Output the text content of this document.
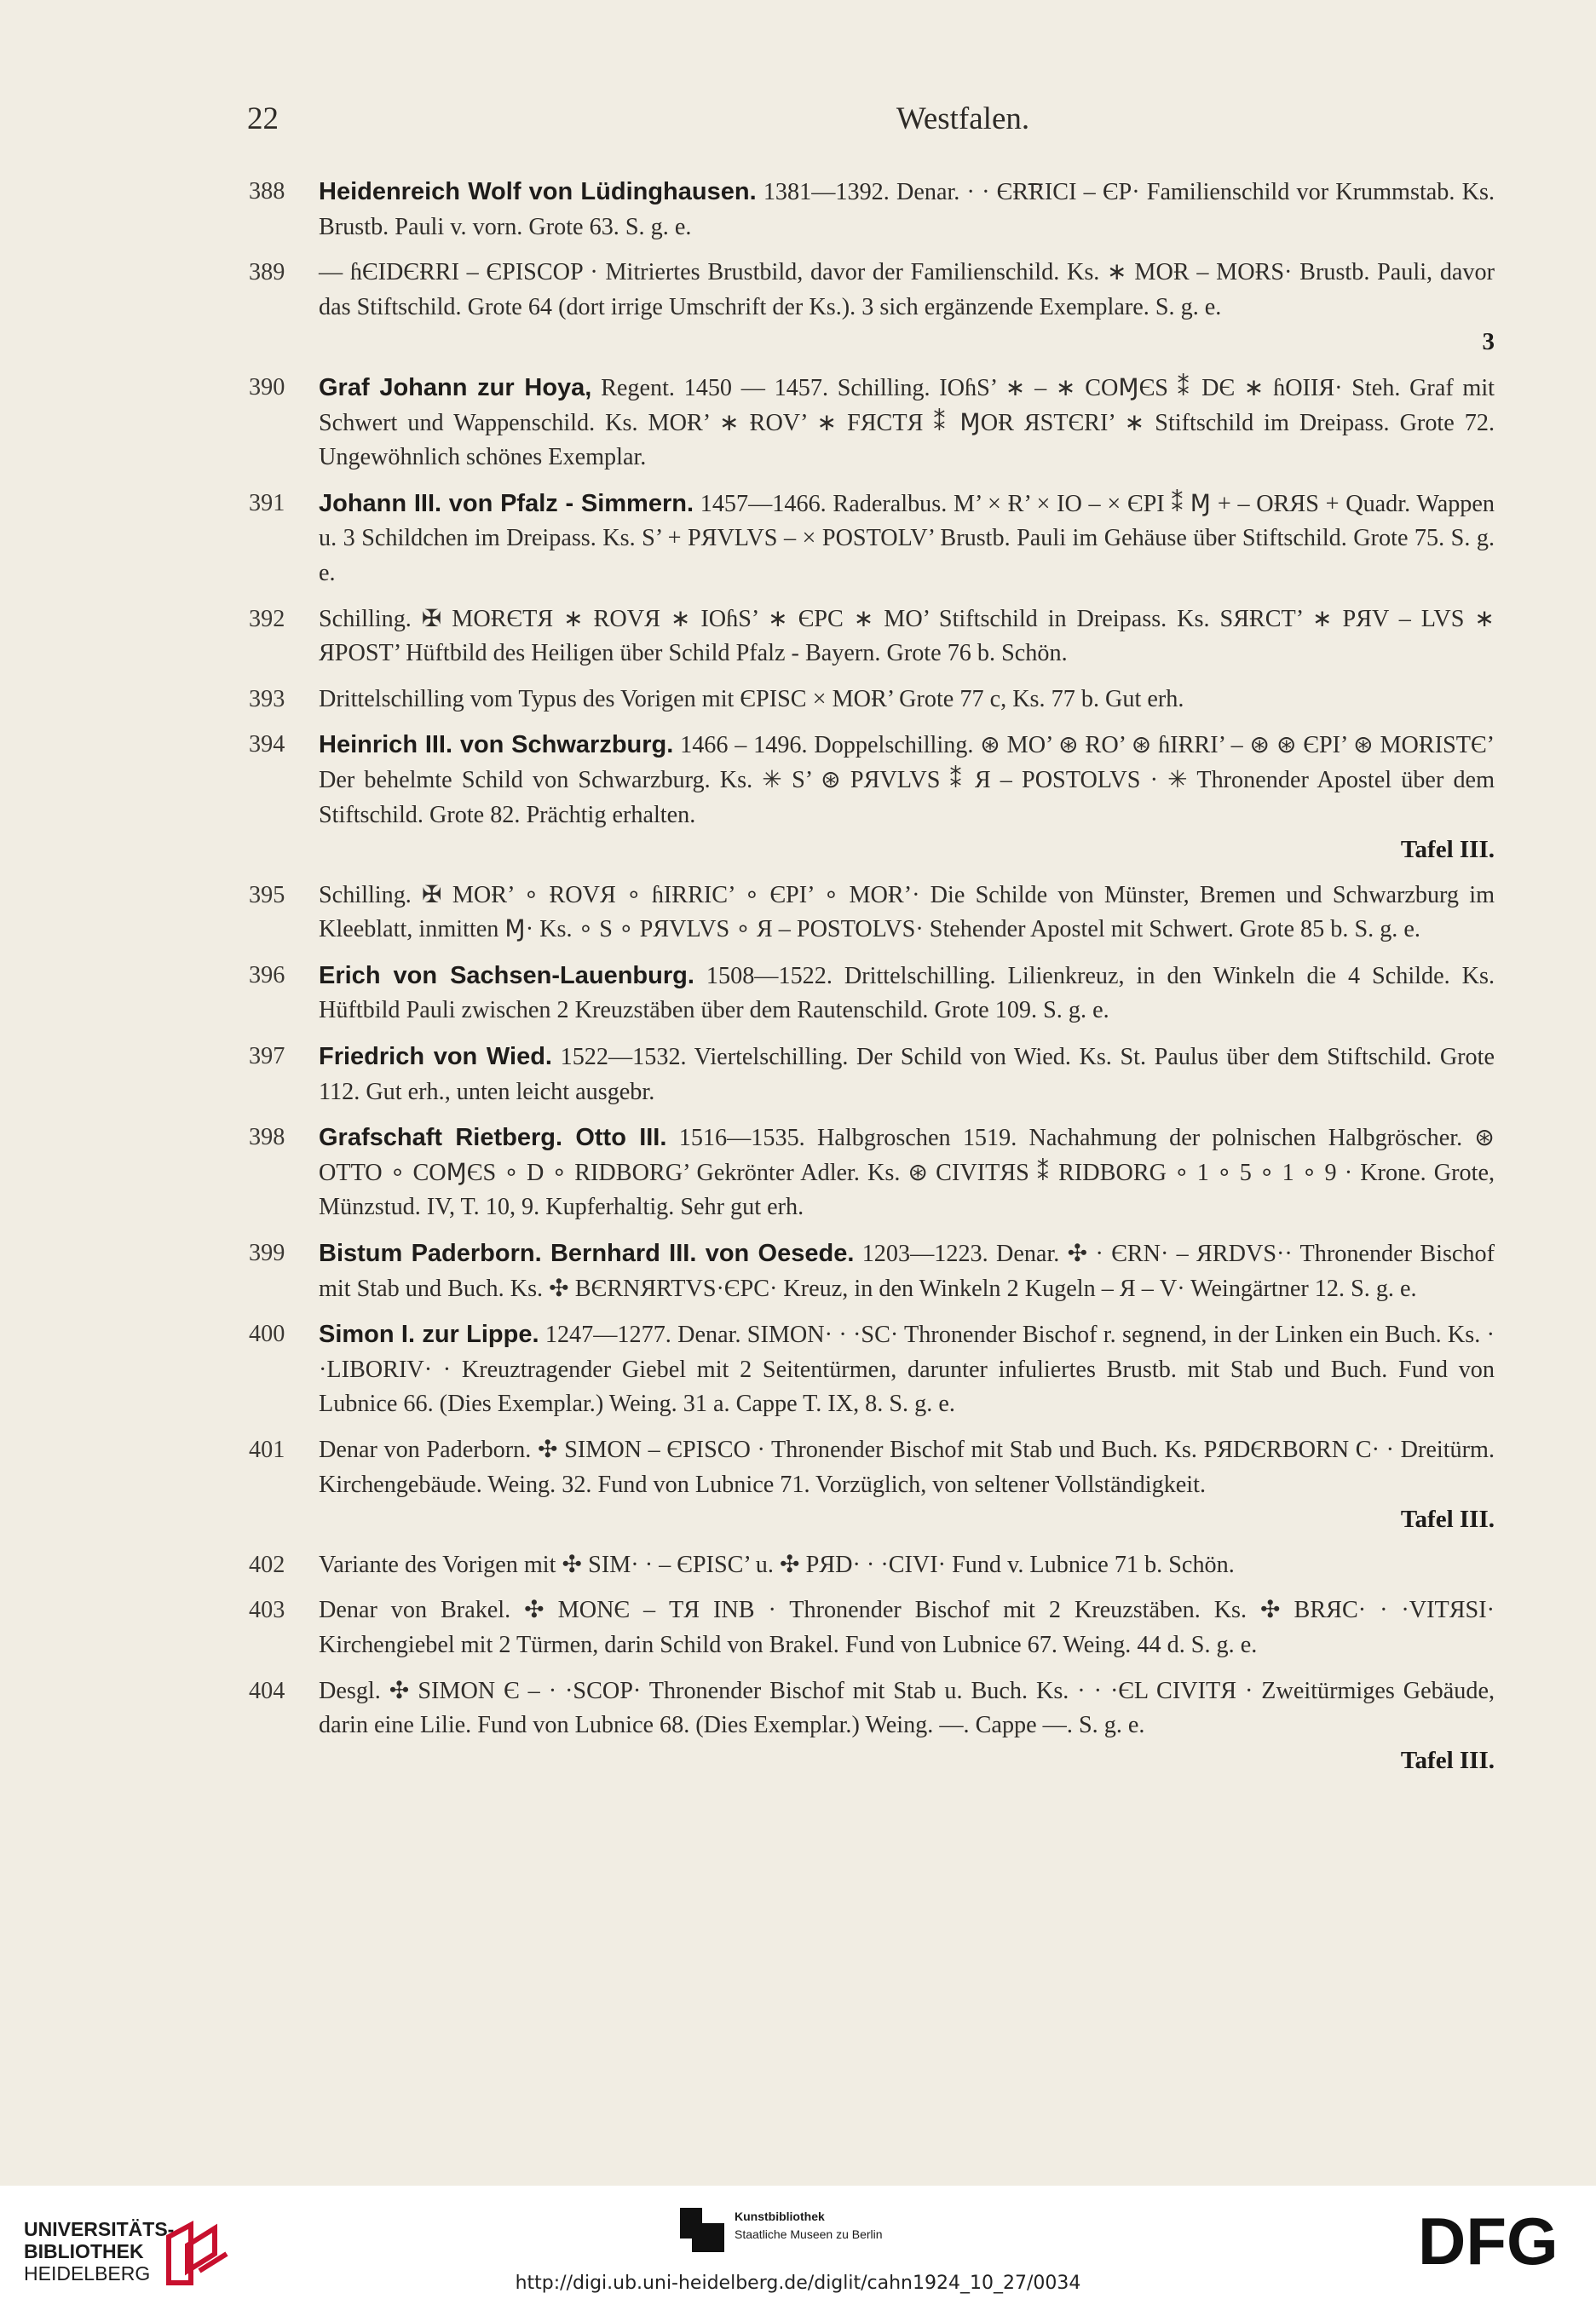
22	Westfalen.
388	Heidenreich Wolf von Lüdinghausen. 1381—1392. Denar. · · ЄɌ͞RICI – ЄP· Familienschild vor Krummstab. Ks. Brustb. Pauli v. vorn. Grote 63. S. g. e.
389	— ɦЄIDЄɌRI – ЄPISCOP · Mitriertes Brustbild, davor der Familienschild. Ks. ∗ MOɌ – MOɌS· Brustb. Pauli, davor das Stiftschild. Grote 64 (dort irrige Umschrift der Ks.). 3 sich ergänzende Exemplare. S. g. e.
3
390	Graf Johann zur Hoya, Regent. 1450 — 1457. Schilling. IOɦS’ ∗ – ∗ COⱮЄS ⁑ DЄ ∗ ɦOIIЯ· Steh. Graf mit Schwert und Wappenschild. Ks. MOɌ’ ∗ ɌOV’ ∗ FЯCTЯ ⁑ ⱮOɌ ЯSTЄRI’ ∗ Stiftschild im Dreipass. Grote 72. Ungewöhnlich schönes Exemplar.
391	Johann III. von Pfalz - Simmern. 1457—1466. Raderalbus. M’ × Ɍ’ × IO – × ЄPI ⁑ Ɱ + – OɌЯS + Quadr. Wappen u. 3 Schildchen im Dreipass. Ks. S’ + PЯVLVS – × POSTOLV’ Brustb. Pauli im Gehäuse über Stiftschild. Grote 75. S. g. e.
392	Schilling. ✠ MOɌЄTЯ ∗ ɌOVЯ ∗ IOɦS’ ∗ ЄPC ∗ MO’ Stiftschild in Dreipass. Ks. SЯɌCT’ ∗ PЯV – LVS ∗ ЯPOST’ Hüftbild des Heiligen über Schild Pfalz - Bayern. Grote 76 b. Schön.
393	Drittelschilling vom Typus des Vorigen mit ЄPISC × MOɌ’ Grote 77 c, Ks. 77 b. Gut erh.
394	Heinrich III. von Schwarzburg. 1466 – 1496. Doppelschilling. ⊛ MO’ ⊛ ɌO’ ⊛ ɦIɌRI’ – ⊛ ⊛ ЄPI’ ⊛ MOɌISTЄ’ Der behelmte Schild von Schwarzburg. Ks. ✳ S’ ⊛ PЯVLVS ⁑ Я – POSTOLVS · ✳ Thronender Apostel über dem Stiftschild. Grote 82. Prächtig erhalten.
Tafel III.
395	Schilling. ✠ MOɌ’ ∘ ɌOVЯ ∘ ɦIɌRIC’ ∘ ЄPI’ ∘ MOɌ’· Die Schilde von Münster, Bremen und Schwarzburg im Kleeblatt, inmitten Ɱ· Ks. ∘ S ∘ PЯVLVS ∘ Я – POSTOLVS· Stehender Apostel mit Schwert. Grote 85 b. S. g. e.
396	Erich von Sachsen-Lauenburg. 1508—1522. Drittelschilling. Lilienkreuz, in den Winkeln die 4 Schilde. Ks. Hüftbild Pauli zwischen 2 Kreuzstäben über dem Rautenschild. Grote 109. S. g. e.
397	Friedrich von Wied. 1522—1532. Viertelschilling. Der Schild von Wied. Ks. St. Paulus über dem Stiftschild. Grote 112. Gut erh., unten leicht ausgebr.
398	Grafschaft Rietberg. Otto III. 1516—1535. Halbgroschen 1519. Nachahmung der polnischen Halbgröscher. ⊛ OTTO ∘ COⱮЄS ∘ D ∘ RIDBORG’ Gekrönter Adler. Ks. ⊛ CIVITЯS ⁑ RIDBORG ∘ 1 ∘ 5 ∘ 1 ∘ 9 · Krone. Grote, Münzstud. IV, T. 10, 9. Kupferhaltig. Sehr gut erh.
399	Bistum Paderborn. Bernhard III. von Oesede. 1203—1223. Denar. ✣ · ЄRN· – ЯRDVS·· Thronender Bischof mit Stab und Buch. Ks. ✣ BЄRNЯRTVS·ЄPC· Kreuz, in den Winkeln 2 Kugeln – Я – V· Weingärtner 12. S. g. e.
400	Simon I. zur Lippe. 1247—1277. Denar. SIMON· · ·SC· Thronender Bischof r. segnend, in der Linken ein Buch. Ks. · ·LIBORIV· · Kreuztragender Giebel mit 2 Seitentürmen, darunter infuliertes Brustb. mit Stab und Buch. Fund von Lubnice 66. (Dies Exemplar.) Weing. 31 a. Cappe T. IX, 8. S. g. e.
401	Denar von Paderborn. ✣ SIMON – ЄPISCO · Thronender Bischof mit Stab und Buch. Ks. PЯDЄRBORN C· · Dreitürm. Kirchengebäude. Weing. 32. Fund von Lubnice 71. Vorzüglich, von seltener Vollständigkeit.
Tafel III.
402	Variante des Vorigen mit ✣ SIM· · – ЄPISC’ u. ✣ PЯD· · ·CIVI· Fund v. Lubnice 71 b. Schön.
403	Denar von Brakel. ✣ MONЄ – TЯ INB · Thronender Bischof mit 2 Kreuzstäben. Ks. ✣ BRЯC· · ·VITЯSI· Kirchengiebel mit 2 Türmen, darin Schild von Brakel. Fund von Lubnice 67. Weing. 44 d. S. g. e.
404	Desgl. ✣ SIMON Є – · ·SCOP· Thronender Bischof mit Stab u. Buch. Ks. · · ·ЄL CIVITЯ · Zweitürmiges Gebäude, darin eine Lilie. Fund von Lubnice 68. (Dies Exemplar.) Weing. —. Cappe —. S. g. e.
Tafel III.
UNIVERSITÄTS-
BIBLIOTHEK
HEIDELBERG
Kunstbibliothek
Staatliche Museen zu Berlin	DFG
http://digi.ub.uni-heidelberg.de/diglit/cahn1924_10_27/0034
